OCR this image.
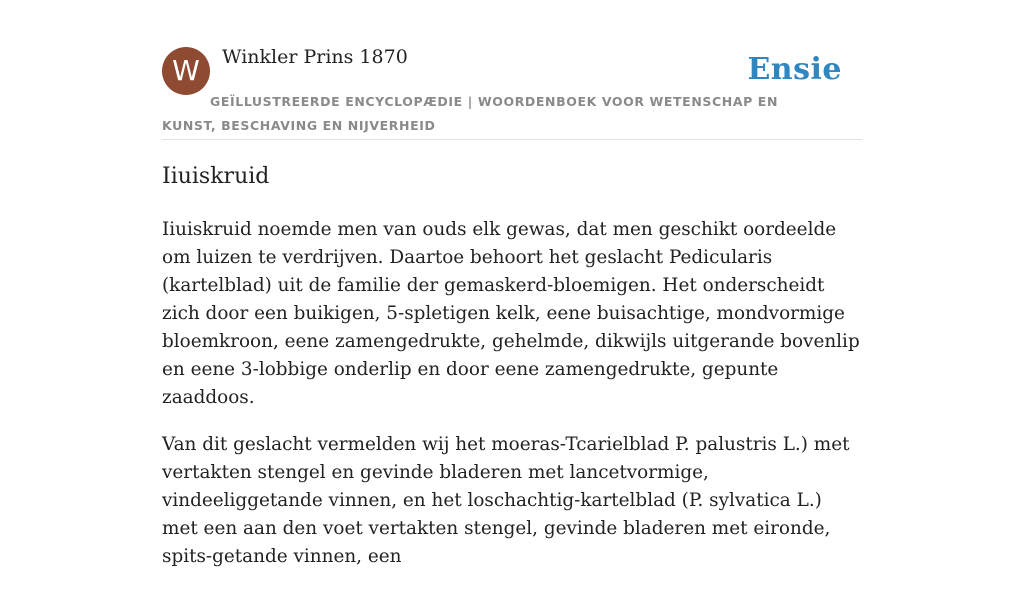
W	Winkler Prins 1870	Ensie
GEÏLLUSTREERDE ENCYCLOPÆDIE | WOORDENBOEK VOOR WETENSCHAP EN KUNST, BESCHAVING EN NIJVERHEID
Iiuiskruid

Iiuiskruid noemde men van ouds elk gewas, dat men geschikt oordeelde om luizen te verdrijven. Daartoe behoort het geslacht Pedicularis (kartelblad) uit de familie der gemaskerd-bloemigen. Het onderscheidt zich door een buikigen, 5-spletigen kelk, eene buisachtige, mondvormige bloemkroon, eene zamengedrukte, gehelmde, dikwijls uitgerande bovenlip en eene 3-lobbige onderlip en door eene zamengedrukte, gepunte zaaddoos.

Van dit geslacht vermelden wij het moeras-Tcarielblad P. palustris L.) met vertakten stengel en gevinde bladeren met lancetvormige, vindeeliggetande vinnen, en het loschachtig-kartelblad (P. sylvatica L.) met een aan den voet vertakten stengel, gevinde bladeren met eironde, spits-getande vinnen, een
